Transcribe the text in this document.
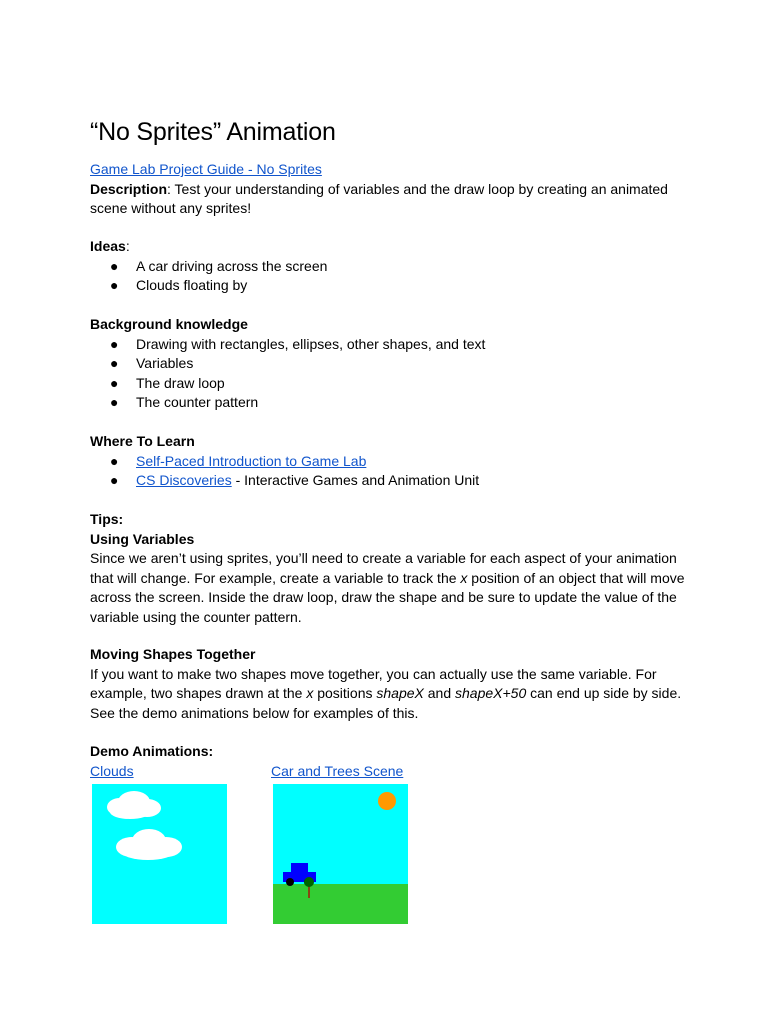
“No Sprites” Animation

Game Lab Project Guide - No Sprites

Description: Test your understanding of variables and the draw loop by creating an animated scene without any sprites!

Ideas:

● A car driving across the screen
● Clouds floating by

Background knowledge

● Drawing with rectangles, ellipses, other shapes, and text
● Variables
● The draw loop
● The counter pattern

Where To Learn

● Self-Paced Introduction to Game Lab
● CS Discoveries - Interactive Games and Animation Unit

Tips:

Using Variables

Since we aren’t using sprites, you’ll need to create a variable for each aspect of your animation that will change. For example, create a variable to track the x position of an object that will move across the screen. Inside the draw loop, draw the shape and be sure to update the value of the variable using the counter pattern.

Moving Shapes Together

If you want to make two shapes move together, you can actually use the same variable. For example, two shapes drawn at the x positions shapeX and shapeX+50 can end up side by side. See the demo animations below for examples of this.

Demo Animations:

Clouds	Car and Trees Scene
